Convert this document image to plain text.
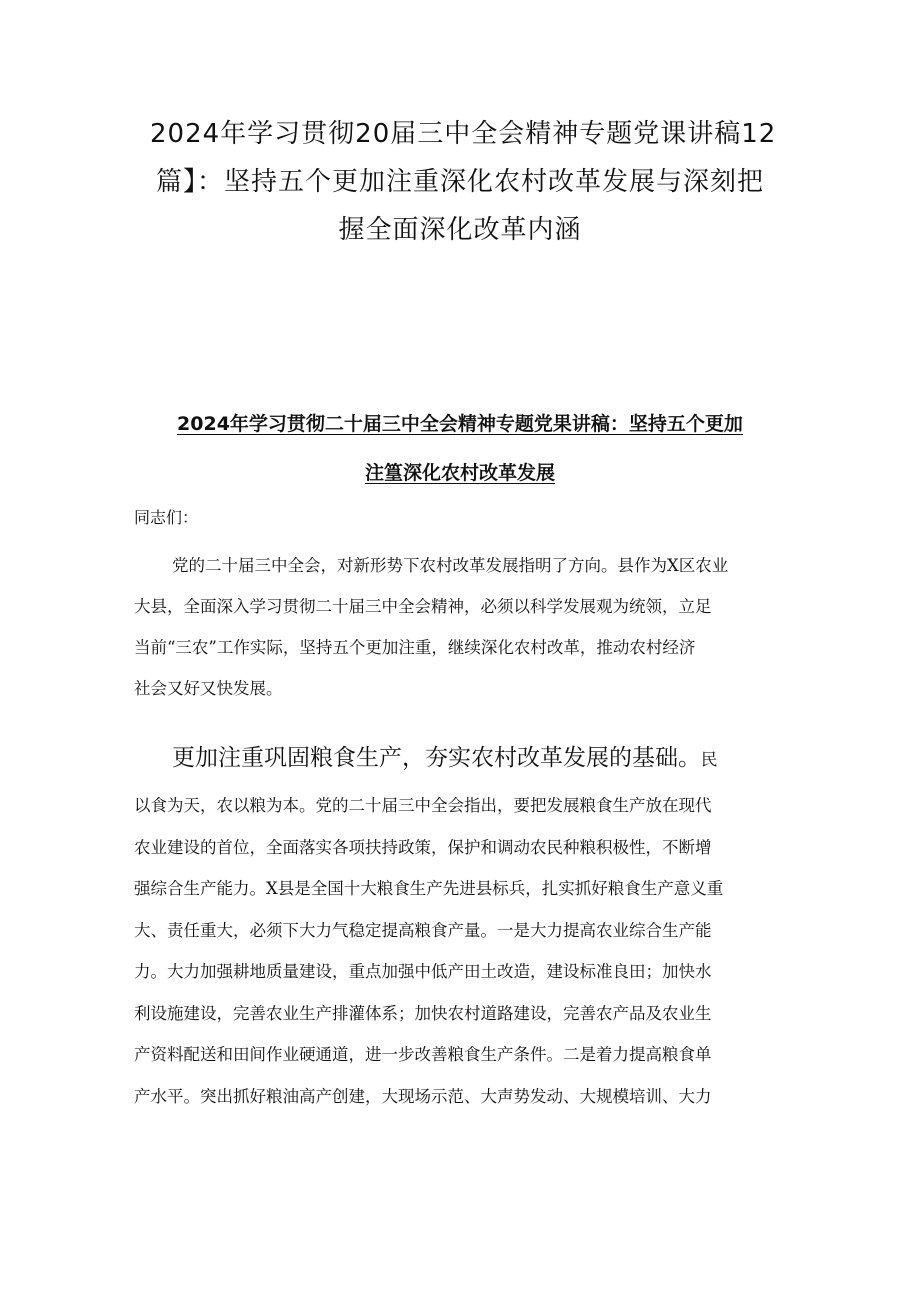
2024年学习贯彻20届三中全会精神专题党课讲稿12
篇】：坚持五个更加注重深化农村改革发展与深刻把
握全面深化改革内涵
2024年学习贯彻二十届三中全会精神专题党果讲稿：坚持五个更加
注篁深化农村改革发展

同志们：

党的二十届三中全会，对新形势下农村改革发展指明了方向。县作为X区农业
大县，全面深入学习贯彻二十届三中全会精神，必须以科学发展观为统领，立足
当前“三农”工作实际，坚持五个更加注重，继续深化农村改革，推动农村经济
社会又好又快发展。
更加注重巩固粮食生产，夯实农村改革发展的基础。民
以食为天，农以粮为本。党的二十届三中全会指出，要把发展粮食生产放在现代
农业建设的首位，全面落实各项扶持政策，保护和调动农民种粮积极性，不断增
强综合生产能力。X县是全国十大粮食生产先进县标兵，扎实抓好粮食生产意义重
大、责任重大，必须下大力气稳定提高粮食产量。一是大力提高农业综合生产能
力。大力加强耕地质量建设，重点加强中低产田土改造，建设标准良田；加快水
利设施建设，完善农业生产排灌体系；加快农村道路建设，完善农产品及农业生
产资料配送和田间作业硬通道，进一步改善粮食生产条件。二是着力提高粮食单
产水平。突出抓好粮油高产创建，大现场示范、大声势发动、大规模培训、大力
